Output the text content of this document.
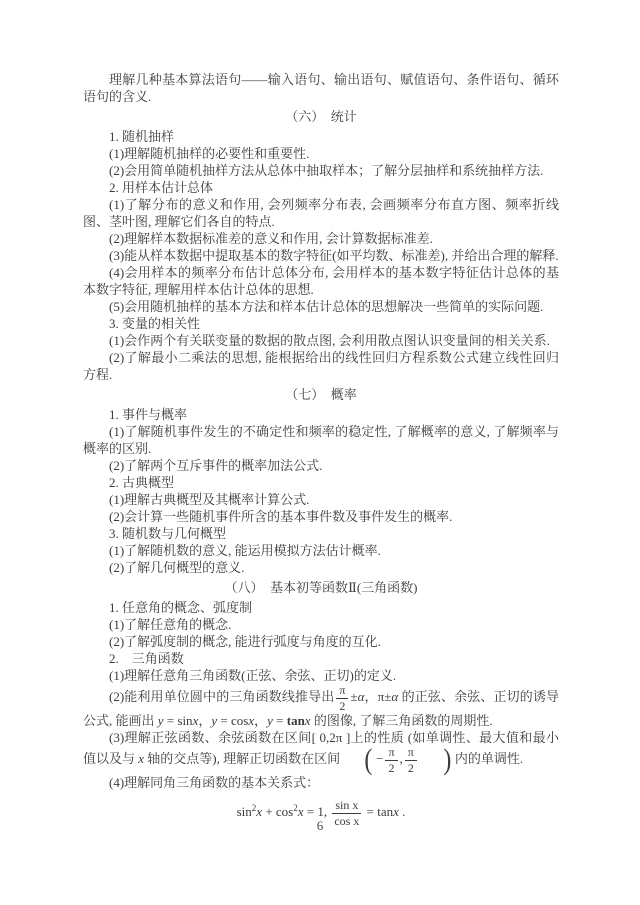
理解几种基本算法语句——输入语句、输出语句、赋值语句、条件语句、循环语句的含义.

（六）　统计

1. 随机抽样

(1)理解随机抽样的必要性和重要性.

(2)会用简单随机抽样方法从总体中抽取样本；了解分层抽样和系统抽样方法.

2. 用样本估计总体

(1)了解分布的意义和作用, 会列频率分布表, 会画频率分布直方图、频率折线图、茎叶图, 理解它们各自的特点.

(2)理解样本数据标准差的意义和作用, 会计算数据标准差.

(3)能从样本数据中提取基本的数字特征(如平均数、标准差), 并给出合理的解释.

(4)会用样本的频率分布估计总体分布, 会用样本的基本数字特征估计总体的基本数字特征, 理解用样本估计总体的思想.

(5)会用随机抽样的基本方法和样本估计总体的思想解决一些简单的实际问题.

3. 变量的相关性

(1)会作两个有关联变量的数据的散点图, 会利用散点图认识变量间的相关关系.

(2)了解最小二乘法的思想, 能根据给出的线性回归方程系数公式建立线性回归方程.

（七）　概率

1. 事件与概率

(1)了解随机事件发生的不确定性和频率的稳定性, 了解概率的意义, 了解频率与概率的区别.

(2)了解两个互斥事件的概率加法公式.

2. 古典概型

(1)理解古典概型及其概率计算公式.

(2)会计算一些随机事件所含的基本事件数及事件发生的概率.

3. 随机数与几何概型

(1)了解随机数的意义, 能运用模拟方法估计概率.

(2)了解几何概型的意义.

（八）　基本初等函数Ⅱ(三角函数)

1. 任意角的概念、弧度制

(1)了解任意角的概念.

(2)了解弧度制的概念, 能进行弧度与角度的互化.

2.　三角函数

(1)理解任意角三角函数(正弦、余弦、正切)的定义.

(2)能利用单位圆中的三角函数线推导出 $\frac{\pi}{2} \pm\alpha$，π±α 的正弦、余弦、正切的诱导公式, 能画出 y = sinx，y = cosx，y = tanx 的图像, 了解三角函数的周期性.

(3)理解正弦函数、余弦函数在区间[ 0,2π ]上的性质 (如单调性、最大值和最小值以及与 x 轴的交点等), 理解正切函数在区间 ( − $\frac{\pi}{2}$ , $\frac{\pi}{2}$ ) 内的单调性.

(4)理解同角三角函数的基本关系式：

$\sin^2x + \cos^2x = 1$, $\frac{\text{sin x}}{\text{cos x}} = \tan x$ .
6
